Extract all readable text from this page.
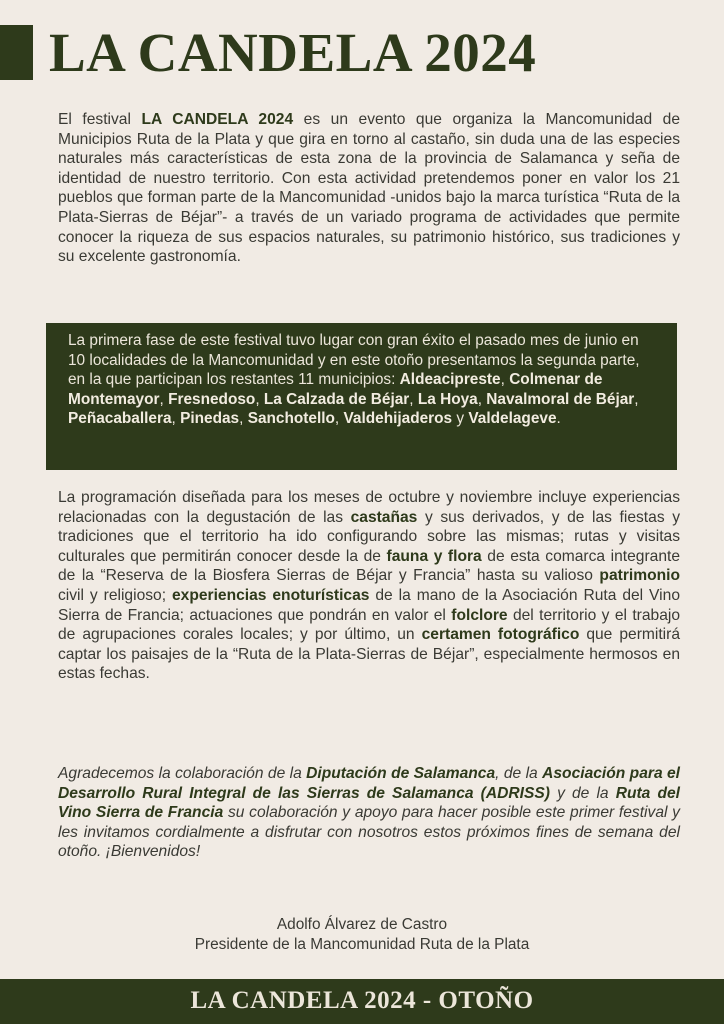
LA CANDELA 2024

El festival LA CANDELA 2024 es un evento que organiza la Mancomunidad de Municipios Ruta de la Plata y que gira en torno al castaño, sin duda una de las especies naturales más características de esta zona de la provincia de Salamanca y seña de identidad de nuestro territorio. Con esta actividad pretendemos poner en valor los 21 pueblos que forman parte de la Mancomunidad -unidos bajo la marca turística “Ruta de la Plata-Sierras de Béjar”- a través de un variado programa de actividades que permite conocer la riqueza de sus espacios naturales, su patrimonio histórico, sus tradiciones y su excelente gastronomía.

La primera fase de este festival tuvo lugar con gran éxito el pasado mes de junio en 10 localidades de la Mancomunidad y en este otoño presentamos la segunda parte, en la que participan los restantes 11 municipios: Aldeacipreste, Colmenar de Montemayor, Fresnedoso, La Calzada de Béjar, La Hoya, Navalmoral de Béjar, Peñacaballera, Pinedas, Sanchotello, Valdehijaderos y Valdelageve.

La programación diseñada para los meses de octubre y noviembre incluye experiencias relacionadas con la degustación de las castañas y sus derivados, y de las fiestas y tradiciones que el territorio ha ido configurando sobre las mismas; rutas y visitas culturales que permitirán conocer desde la de fauna y flora de esta comarca integrante de la “Reserva de la Biosfera Sierras de Béjar y Francia” hasta su valioso patrimonio civil y religioso; experiencias enoturísticas de la mano de la Asociación Ruta del Vino Sierra de Francia; actuaciones que pondrán en valor el folclore del territorio y el trabajo de agrupaciones corales locales; y por último, un certamen fotográfico que permitirá captar los paisajes de la “Ruta de la Plata-Sierras de Béjar”, especialmente hermosos en estas fechas.

Agradecemos la colaboración de la Diputación de Salamanca, de la Asociación para el Desarrollo Rural Integral de las Sierras de Salamanca (ADRISS) y de la Ruta del Vino Sierra de Francia su colaboración y apoyo para hacer posible este primer festival y les invitamos cordialmente a disfrutar con nosotros estos próximos fines de semana del otoño. ¡Bienvenidos!

Adolfo Álvarez de Castro
Presidente de la Mancomunidad Ruta de la Plata
LA CANDELA 2024 - OTOÑO
